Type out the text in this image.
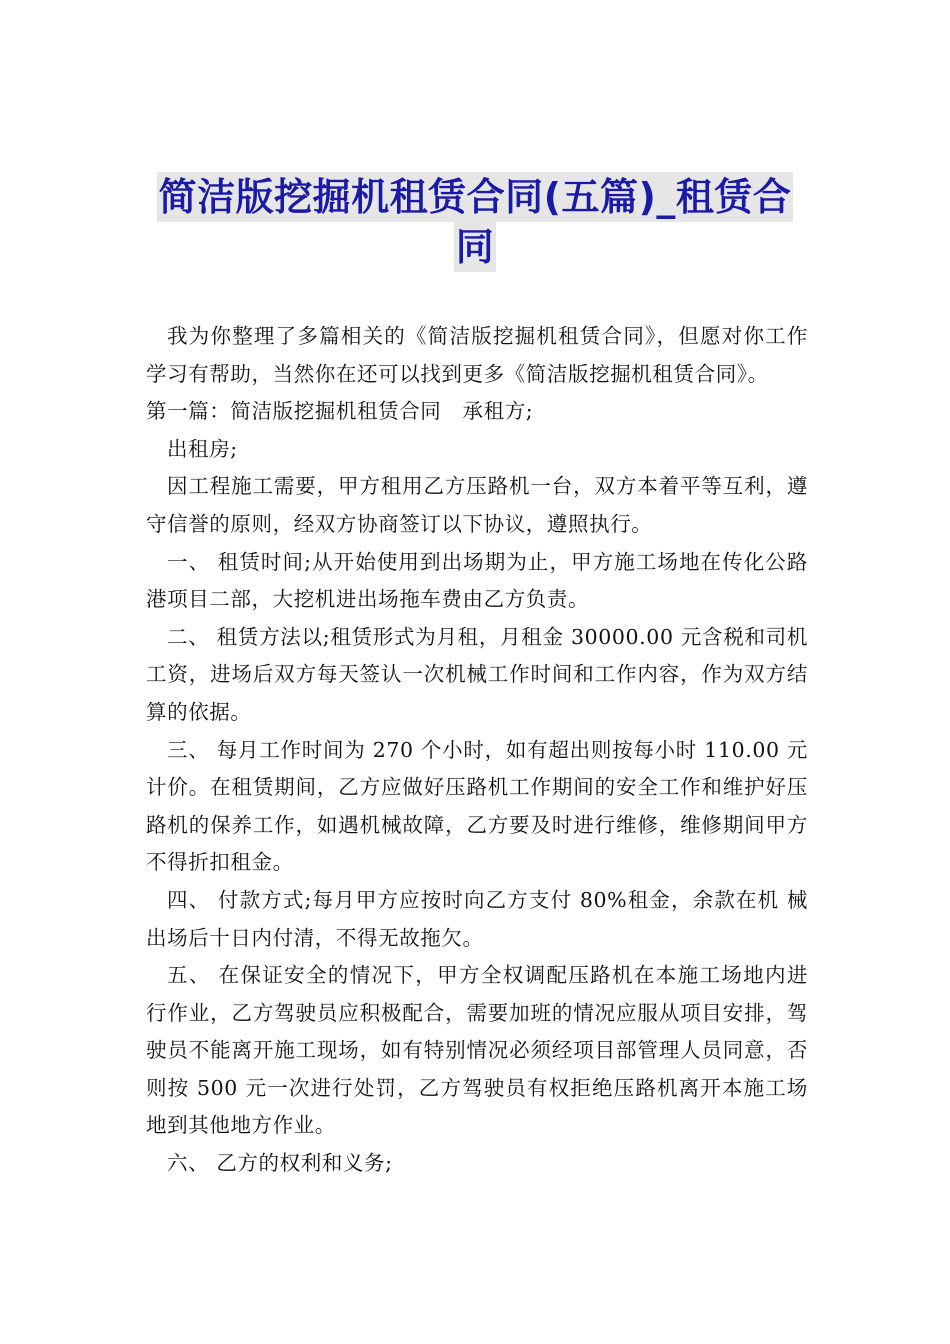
简洁版挖掘机租赁合同(五篇)_租赁合
同

我为你整理了多篇相关的《简洁版挖掘机租赁合同》，但愿对你工作学习有帮助，当然你在还可以找到更多《简洁版挖掘机租赁合同》。

第一篇：简洁版挖掘机租赁合同　承租方;

出租房;

因工程施工需要，甲方租用乙方压路机一台，双方本着平等互利，遵守信誉的原则，经双方协商签订以下协议，遵照执行。

一、 租赁时间;从开始使用到出场期为止，甲方施工场地在传化公路港项目二部，大挖机进出场拖车费由乙方负责。

二、 租赁方法以;租赁形式为月租，月租金 30000.00 元含税和司机工资，进场后双方每天签认一次机械工作时间和工作内容，作为双方结算的依据。

三、 每月工作时间为 270 个小时，如有超出则按每小时 110.00 元计价。在租赁期间，乙方应做好压路机工作期间的安全工作和维护好压路机的保养工作，如遇机械故障，乙方要及时进行维修，维修期间甲方不得折扣租金。

四、 付款方式;每月甲方应按时向乙方支付 80%租金，余款在机 械出场后十日内付清，不得无故拖欠。

五、 在保证安全的情况下，甲方全权调配压路机在本施工场地内进 行作业，乙方驾驶员应积极配合，需要加班的情况应服从项目安排，驾驶员不能离开施工现场，如有特别情况必须经项目部管理人员同意，否则按 500 元一次进行处罚，乙方驾驶员有权拒绝压路机离开本施工场地到其他地方作业。

六、 乙方的权利和义务;
